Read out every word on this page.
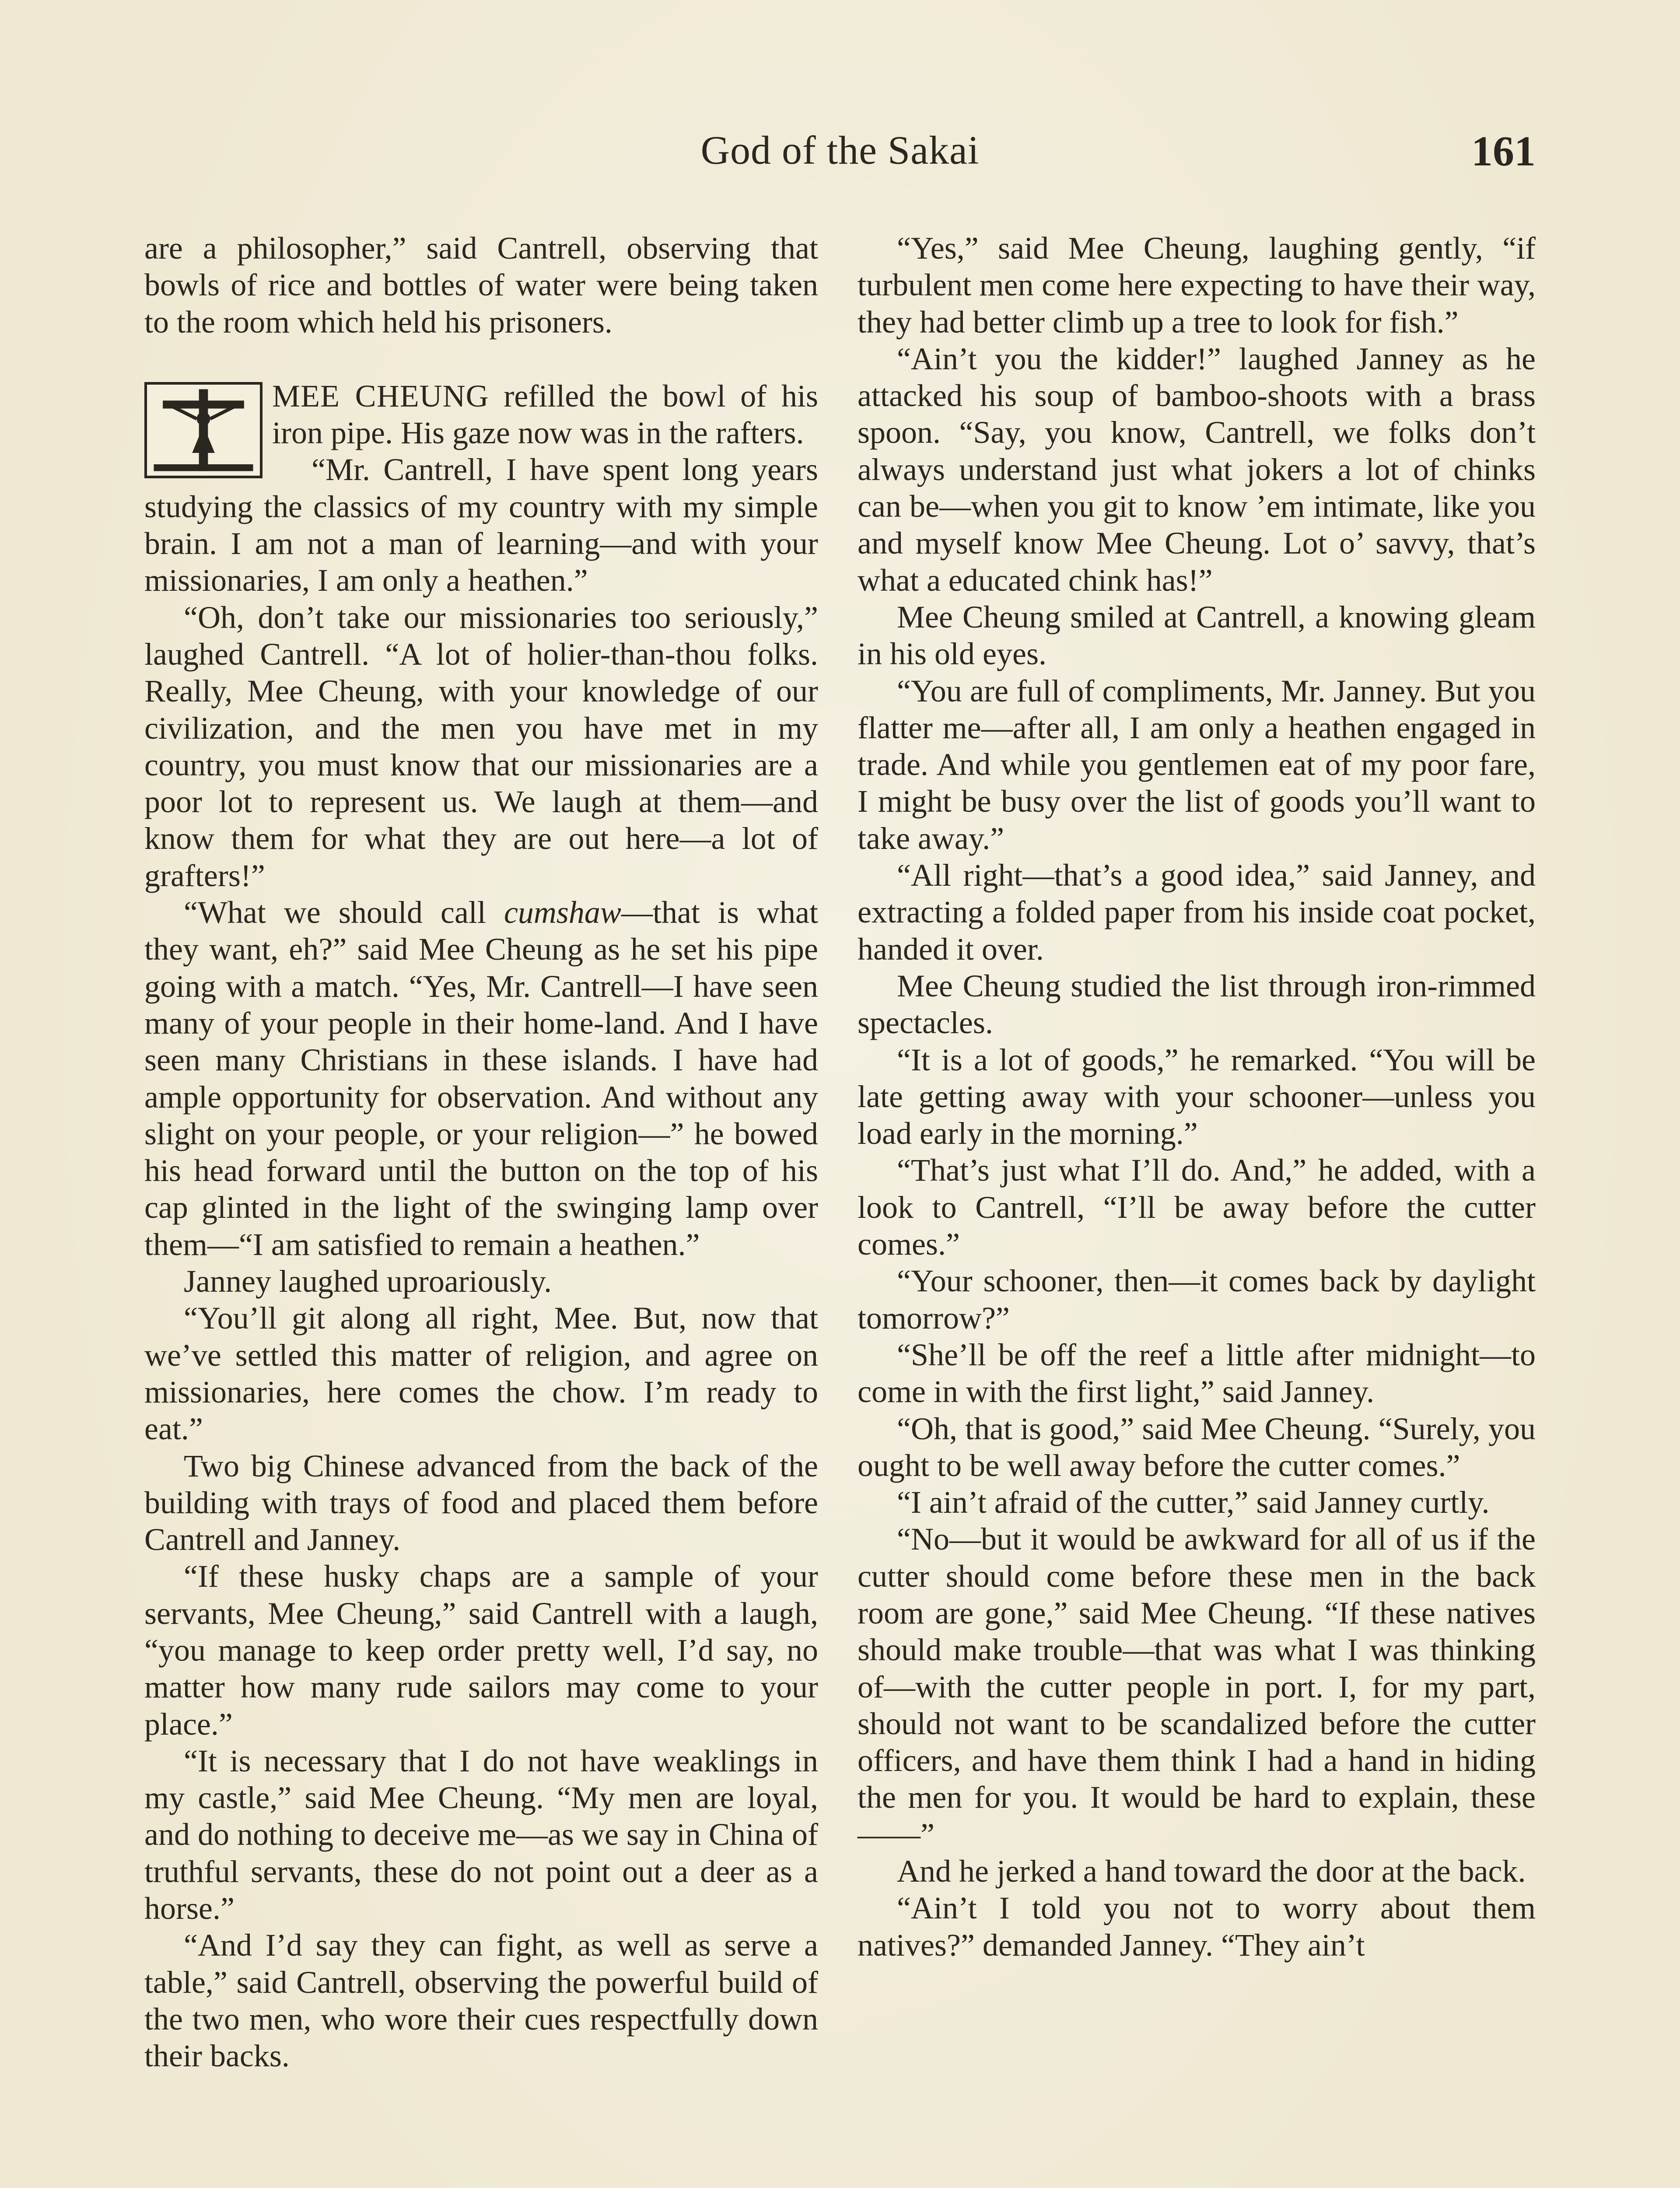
God of the Sakai	161

are a philosopher,” said Cantrell, observing that bowls of rice and bottles of water were being taken to the room which held his prisoners.

MEE CHEUNG refilled the bowl of his iron pipe. His gaze now was in the rafters.

“Mr. Cantrell, I have spent long years studying the classics of my country with my simple brain. I am not a man of learning—and with your missionaries, I am only a heathen.”

“Oh, don’t take our missionaries too seriously,” laughed Cantrell. “A lot of holier-than-thou folks. Really, Mee Cheung, with your knowledge of our civilization, and the men you have met in my country, you must know that our missionaries are a poor lot to represent us. We laugh at them—and know them for what they are out here—a lot of grafters!”

“What we should call cumshaw—that is what they want, eh?” said Mee Cheung as he set his pipe going with a match. “Yes, Mr. Cantrell—I have seen many of your people in their home-land. And I have seen many Christians in these islands. I have had ample opportunity for observation. And without any slight on your people, or your religion—” he bowed his head forward until the button on the top of his cap glinted in the light of the swinging lamp over them—“I am satisfied to remain a heathen.”

Janney laughed uproariously.

“You’ll git along all right, Mee. But, now that we’ve settled this matter of religion, and agree on missionaries, here comes the chow. I’m ready to eat.”

Two big Chinese advanced from the back of the building with trays of food and placed them before Cantrell and Janney.

“If these husky chaps are a sample of your servants, Mee Cheung,” said Cantrell with a laugh, “you manage to keep order pretty well, I’d say, no matter how many rude sailors may come to your place.”

“It is necessary that I do not have weaklings in my castle,” said Mee Cheung. “My men are loyal, and do nothing to deceive me—as we say in China of truthful servants, these do not point out a deer as a horse.”

“And I’d say they can fight, as well as serve a table,” said Cantrell, observing the powerful build of the two men, who wore their cues respectfully down their backs.

“Yes,” said Mee Cheung, laughing gently, “if turbulent men come here expecting to have their way, they had better climb up a tree to look for fish.”

“Ain’t you the kidder!” laughed Janney as he attacked his soup of bamboo-shoots with a brass spoon. “Say, you know, Cantrell, we folks don’t always understand just what jokers a lot of chinks can be—when you git to know ’em intimate, like you and myself know Mee Cheung. Lot o’ savvy, that’s what a educated chink has!”

Mee Cheung smiled at Cantrell, a knowing gleam in his old eyes.

“You are full of compliments, Mr. Janney. But you flatter me—after all, I am only a heathen engaged in trade. And while you gentlemen eat of my poor fare, I might be busy over the list of goods you’ll want to take away.”

“All right—that’s a good idea,” said Janney, and extracting a folded paper from his inside coat pocket, handed it over.

Mee Cheung studied the list through iron-rimmed spectacles.

“It is a lot of goods,” he remarked. “You will be late getting away with your schooner—unless you load early in the morning.”

“That’s just what I’ll do. And,” he added, with a look to Cantrell, “I’ll be away before the cutter comes.”

“Your schooner, then—it comes back by daylight tomorrow?”

“She’ll be off the reef a little after midnight—to come in with the first light,” said Janney.

“Oh, that is good,” said Mee Cheung. “Surely, you ought to be well away before the cutter comes.”

“I ain’t afraid of the cutter,” said Janney curtly.

“No—but it would be awkward for all of us if the cutter should come before these men in the back room are gone,” said Mee Cheung. “If these natives should make trouble—that was what I was thinking of—with the cutter people in port. I, for my part, should not want to be scandalized before the cutter officers, and have them think I had a hand in hiding the men for you. It would be hard to explain, these——”

And he jerked a hand toward the door at the back.

“Ain’t I told you not to worry about them natives?” demanded Janney. “They ain’t
